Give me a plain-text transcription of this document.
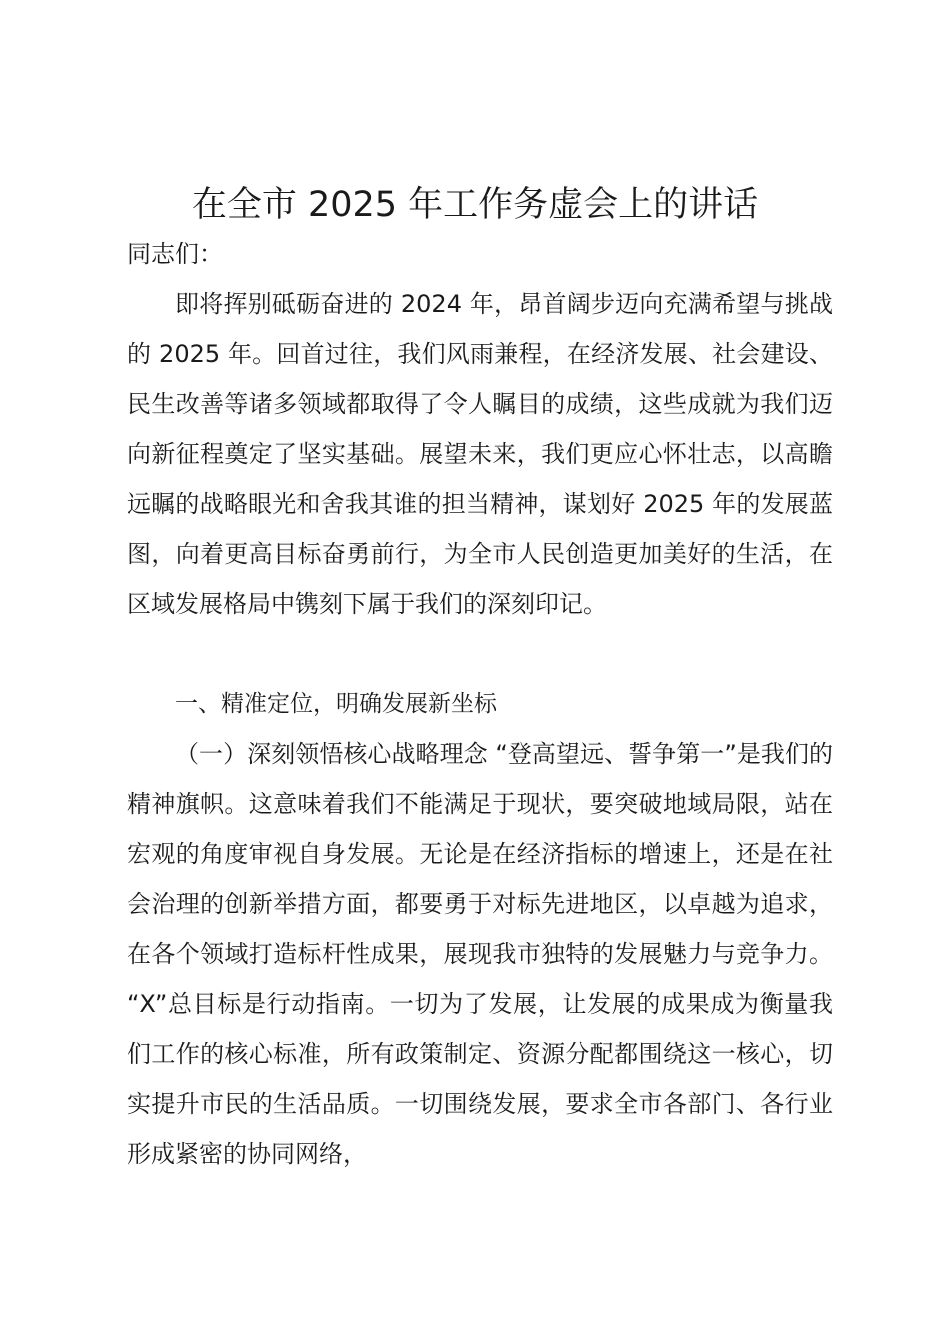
在全市 2025 年工作务虚会上的讲话

同志们：

即将挥别砥砺奋进的 2024 年，昂首阔步迈向充满希望与挑战的 2025 年。回首过往，我们风雨兼程，在经济发展、社会建设、民生改善等诸多领域都取得了令人瞩目的成绩，这些成就为我们迈向新征程奠定了坚实基础。展望未来，我们更应心怀壮志，以高瞻远瞩的战略眼光和舍我其谁的担当精神，谋划好 2025 年的发展蓝图，向着更高目标奋勇前行，为全市人民创造更加美好的生活，在区域发展格局中镌刻下属于我们的深刻印记。

一、精准定位，明确发展新坐标

（一）深刻领悟核心战略理念 “登高望远、誓争第一”是我们的精神旗帜。这意味着我们不能满足于现状，要突破地域局限，站在宏观的角度审视自身发展。无论是在经济指标的增速上，还是在社会治理的创新举措方面，都要勇于对标先进地区，以卓越为追求，在各个领域打造标杆性成果，展现我市独特的发展魅力与竞争力。 “X”总目标是行动指南。一切为了发展，让发展的成果成为衡量我们工作的核心标准，所有政策制定、资源分配都围绕这一核心，切实提升市民的生活品质。一切围绕发展，要求全市各部门、各行业形成紧密的协同网络，
